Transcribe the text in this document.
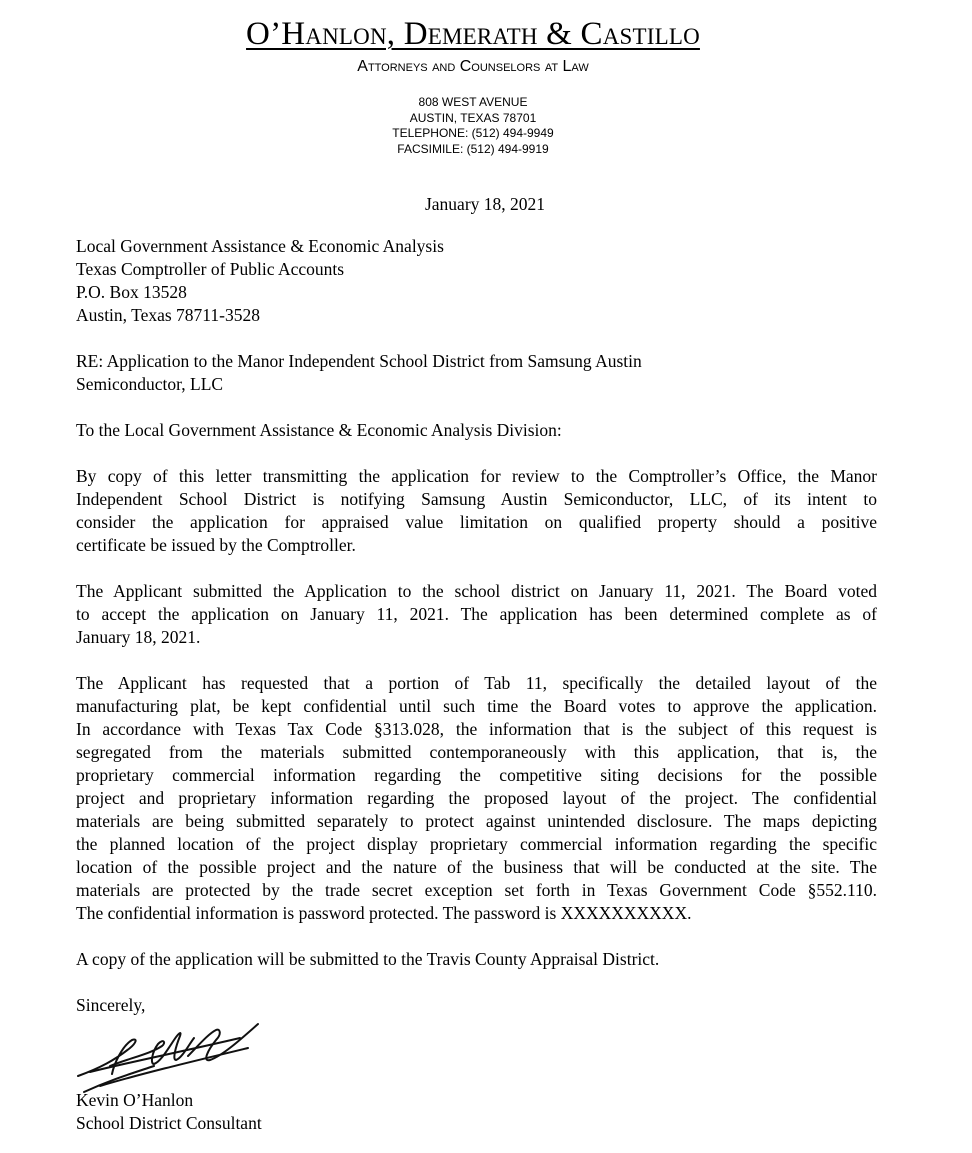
O’Hanlon, Demerath & Castillo
Attorneys and Counselors at Law
808 WEST AVENUE
AUSTIN, TEXAS 78701
TELEPHONE: (512) 494-9949
FACSIMILE: (512) 494-9919
January 18, 2021
Local Government Assistance & Economic Analysis
Texas Comptroller of Public Accounts
P.O. Box 13528
Austin, Texas 78711-3528
RE: Application to the Manor Independent School District from Samsung Austin
Semiconductor, LLC
To the Local Government Assistance & Economic Analysis Division:
By copy of this letter transmitting the application for review to the Comptroller’s Office, the Manor
Independent School District is notifying Samsung Austin Semiconductor, LLC, of its intent to
consider the application for appraised value limitation on qualified property should a positive
certificate be issued by the Comptroller.
The Applicant submitted the Application to the school district on January 11, 2021. The Board voted
to accept the application on January 11, 2021. The application has been determined complete as of
January 18, 2021.
The Applicant has requested that a portion of Tab 11, specifically the detailed layout of the
manufacturing plat, be kept confidential until such time the Board votes to approve the application.
In accordance with Texas Tax Code §313.028, the information that is the subject of this request is
segregated from the materials submitted contemporaneously with this application, that is, the
proprietary commercial information regarding the competitive siting decisions for the possible
project and proprietary information regarding the proposed layout of the project. The confidential
materials are being submitted separately to protect against unintended disclosure. The maps depicting
the planned location of the project display proprietary commercial information regarding the specific
location of the possible project and the nature of the business that will be conducted at the site. The
materials are protected by the trade secret exception set forth in Texas Government Code §552.110.
The confidential information is password protected. The password is XXXXXXXXXX.
A copy of the application will be submitted to the Travis County Appraisal District.
Sincerely,
Kevin O’Hanlon
School District Consultant
